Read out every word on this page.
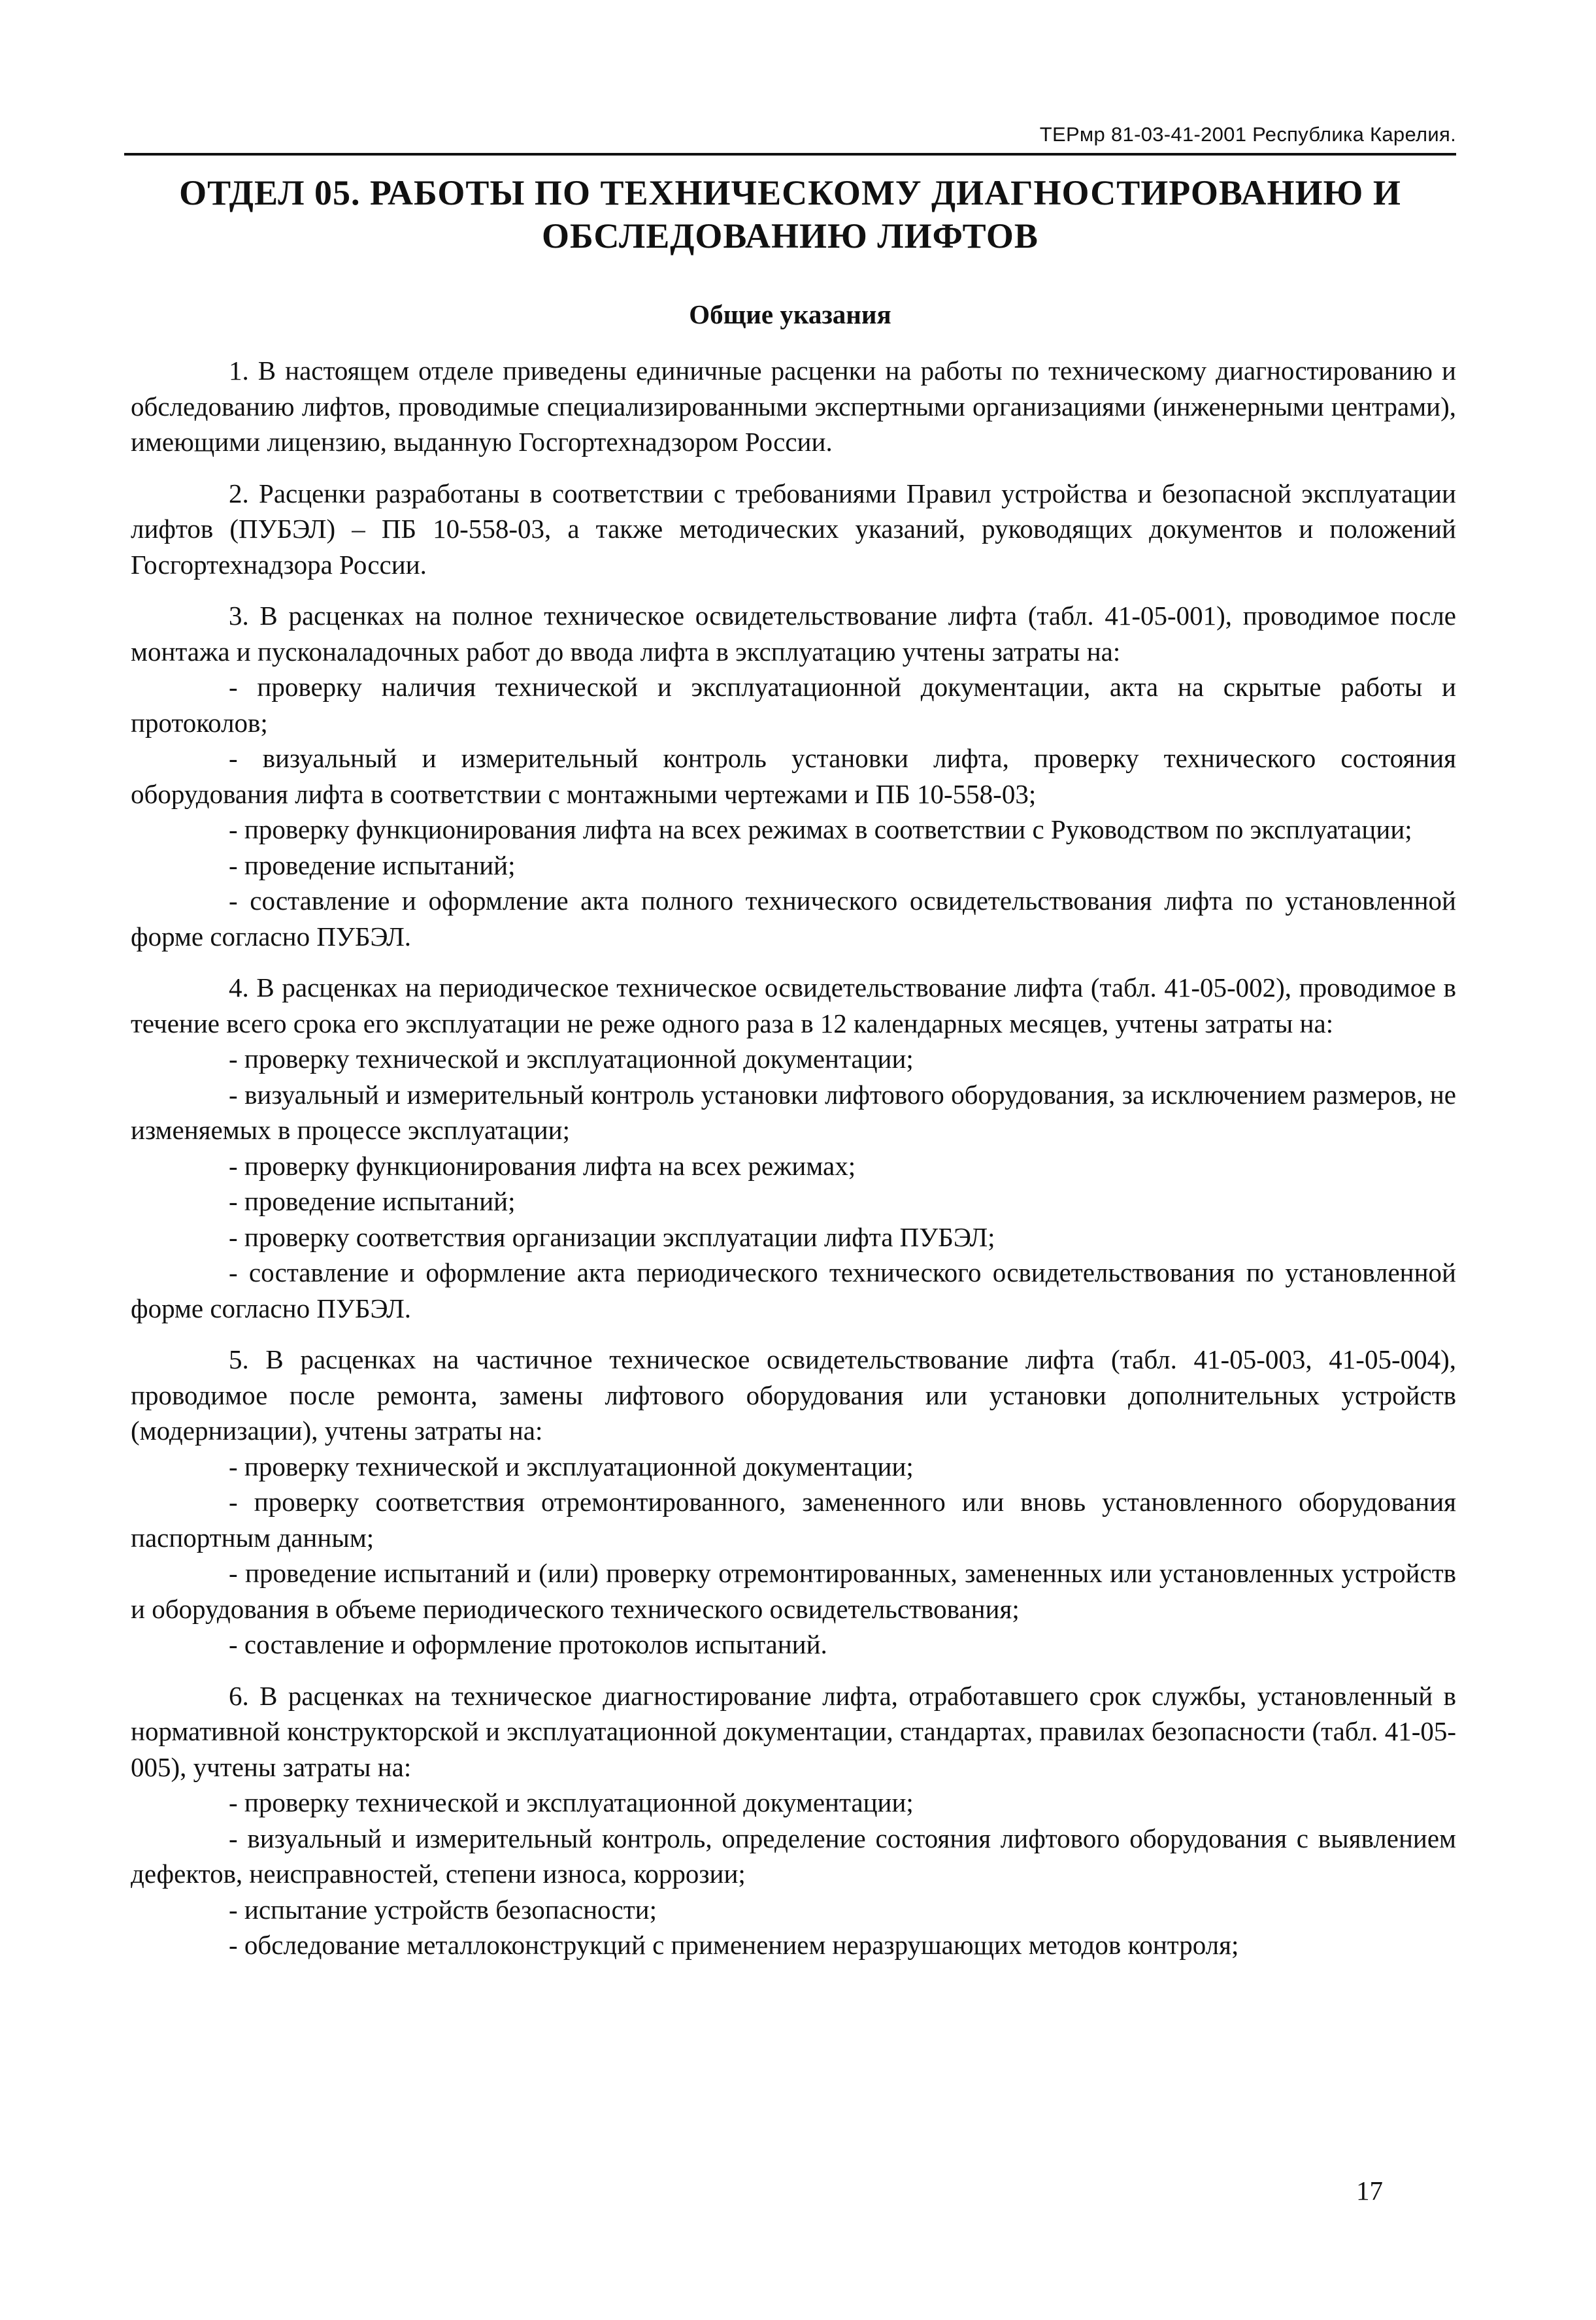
ТЕРмр 81-03-41-2001 Республика Карелия.
ОТДЕЛ 05. РАБОТЫ ПО ТЕХНИЧЕСКОМУ ДИАГНОСТИРОВАНИЮ И
ОБСЛЕДОВАНИЮ ЛИФТОВ
Общие указания

1. В настоящем отделе приведены единичные расценки на работы по техническому диагностированию и обследованию лифтов, проводимые специализированными экспертными организациями (инженерными центрами), имеющими лицензию, выданную Госгортехнадзором России.

2. Расценки разработаны в соответствии с требованиями Правил устройства и безопасной эксплуатации лифтов (ПУБЭЛ) – ПБ 10-558-03, а также методических указаний, руководящих документов и положений Госгортехнадзора России.

3. В расценках на полное техническое освидетельствование лифта (табл. 41-05-001), проводимое после монтажа и пусконаладочных работ до ввода лифта в эксплуатацию учтены затраты на:

- проверку наличия технической и эксплуатационной документации, акта на скрытые работы и протоколов;

- визуальный и измерительный контроль установки лифта, проверку технического состояния оборудования лифта в соответствии с монтажными чертежами и ПБ 10-558-03;

- проверку функционирования лифта на всех режимах в соответствии с Руководством по эксплуатации;

- проведение испытаний;

- составление и оформление акта полного технического освидетельствования лифта по установленной форме согласно ПУБЭЛ.

4. В расценках на периодическое техническое освидетельствование лифта (табл. 41-05-002), проводимое в течение всего срока его эксплуатации не реже одного раза в 12 календарных месяцев, учтены затраты на:

- проверку технической и эксплуатационной документации;

- визуальный и измерительный контроль установки лифтового оборудования, за исключением размеров, не изменяемых в процессе эксплуатации;

- проверку функционирования лифта на всех режимах;

- проведение испытаний;

- проверку соответствия организации эксплуатации лифта ПУБЭЛ;

- составление и оформление акта периодического технического освидетельствования по установленной форме согласно ПУБЭЛ.

5. В расценках на частичное техническое освидетельствование лифта (табл. 41-05-003, 41-05-004), проводимое после ремонта, замены лифтового оборудования или установки дополнительных устройств (модернизации), учтены затраты на:

- проверку технической и эксплуатационной документации;

- проверку соответствия отремонтированного, замененного или вновь установленного оборудования паспортным данным;

- проведение испытаний и (или) проверку отремонтированных, замененных или установленных устройств и оборудования в объеме периодического технического освидетельствования;

- составление и оформление протоколов испытаний.

6. В расценках на техническое диагностирование лифта, отработавшего срок службы, установленный в нормативной конструкторской и эксплуатационной документации, стандартах, правилах безопасности (табл. 41-05-005), учтены затраты на:

- проверку технической и эксплуатационной документации;

- визуальный и измерительный контроль, определение состояния лифтового оборудования с выявлением дефектов, неисправностей, степени износа, коррозии;

- испытание устройств безопасности;

- обследование металлоконструкций с применением неразрушающих методов контроля;

17
